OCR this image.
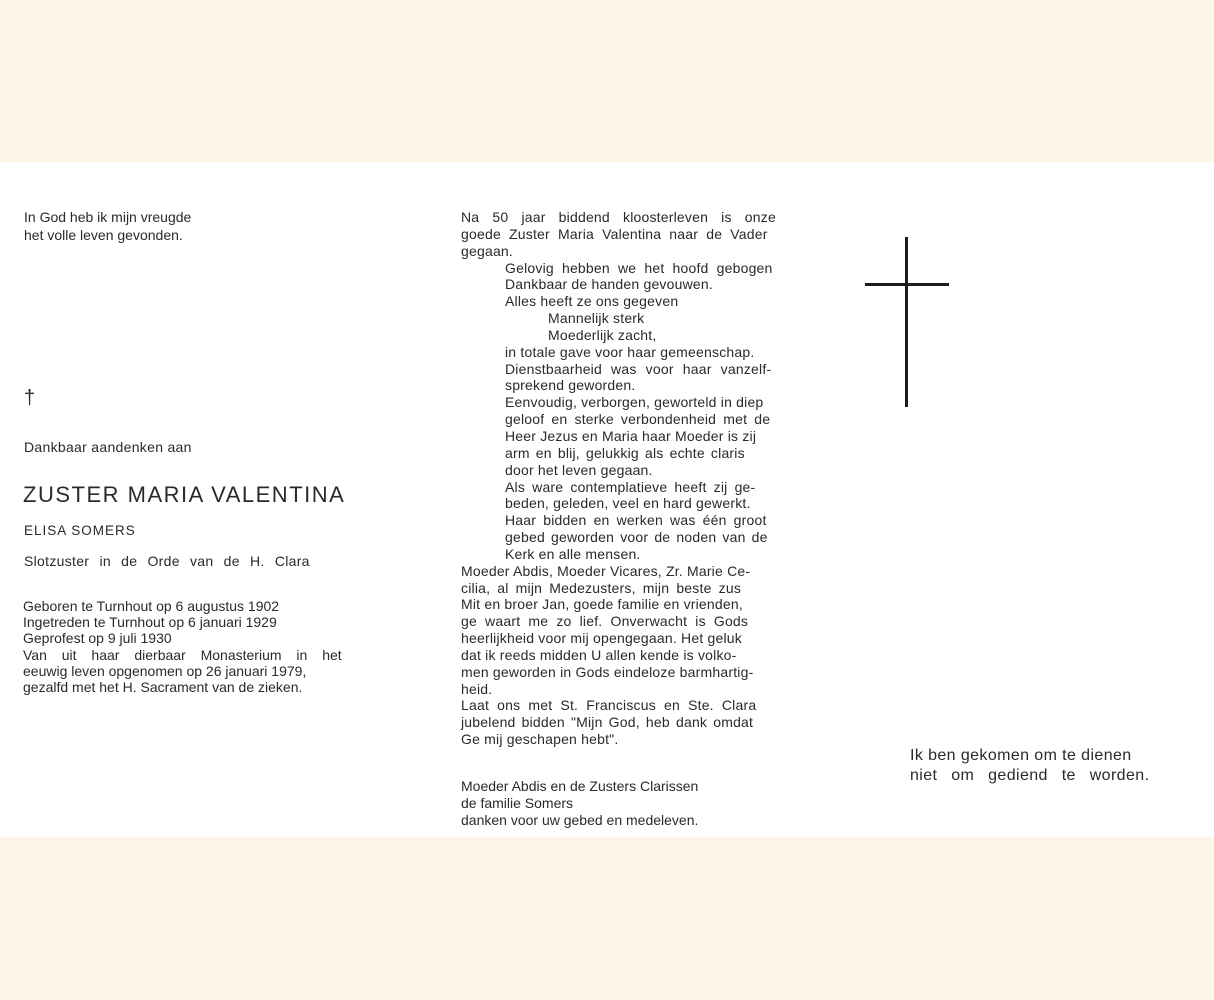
In God heb ik mijn vreugde
het volle leven gevonden.
†
Dankbaar aandenken aan
ZUSTER MARIA VALENTINA
ELISA SOMERS
Slotzuster in de Orde van de H. Clara
Geboren te Turnhout op 6 augustus 1902
Ingetreden te Turnhout op 6 januari 1929
Geprofest op 9 juli 1930
Van uit haar dierbaar Monasterium in het
eeuwig leven opgenomen op 26 januari 1979,
gezalfd met het H. Sacrament van de zieken.
Na 50 jaar biddend kloosterleven is onze
goede Zuster Maria Valentina naar de Vader
gegaan.
Gelovig hebben we het hoofd gebogen
Dankbaar de handen gevouwen.
Alles heeft ze ons gegeven
Mannelijk sterk
Moederlijk zacht,
in totale gave voor haar gemeenschap.
Dienstbaarheid was voor haar vanzelf-
sprekend geworden.
Eenvoudig, verborgen, geworteld in diep
geloof en sterke verbondenheid met de
Heer Jezus en Maria haar Moeder is zij
arm en blij, gelukkig als echte claris
door het leven gegaan.
Als ware contemplatieve heeft zij ge-
beden, geleden, veel en hard gewerkt.
Haar bidden en werken was één groot
gebed geworden voor de noden van de
Kerk en alle mensen.
Moeder Abdis, Moeder Vicares, Zr. Marie Ce-
cilia, al mijn Medezusters, mijn beste zus
Mit en broer Jan, goede familie en vrienden,
ge waart me zo lief. Onverwacht is Gods
heerlijkheid voor mij opengegaan. Het geluk
dat ik reeds midden U allen kende is volko-
men geworden in Gods eindeloze barmhartig-
heid.
Laat ons met St. Franciscus en Ste. Clara
jubelend bidden "Mijn God, heb dank omdat
Ge mij geschapen hebt".
Moeder Abdis en de Zusters Clarissen
de familie Somers
danken voor uw gebed en medeleven.
Ik ben gekomen om te dienen
niet om gediend te worden.
